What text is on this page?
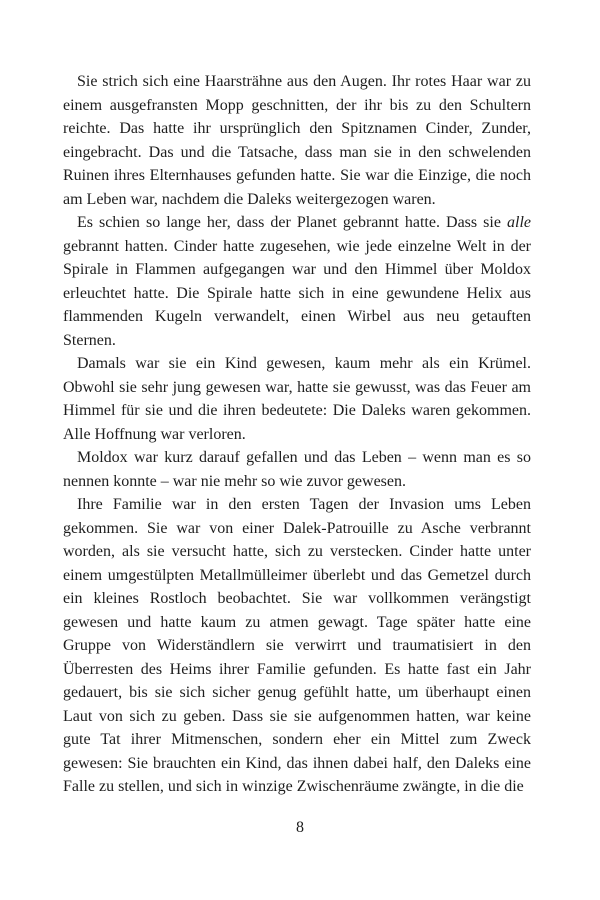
Sie strich sich eine Haarsträhne aus den Augen. Ihr rotes Haar war zu einem ausgefransten Mopp geschnitten, der ihr bis zu den Schultern reichte. Das hatte ihr ursprünglich den Spitznamen Cinder, Zunder, eingebracht. Das und die Tatsache, dass man sie in den schwelenden Ruinen ihres Elternhauses gefunden hatte. Sie war die Einzige, die noch am Leben war, nachdem die Daleks weitergezogen waren.

Es schien so lange her, dass der Planet gebrannt hatte. Dass sie alle gebrannt hatten. Cinder hatte zugesehen, wie jede einzelne Welt in der Spirale in Flammen aufgegangen war und den Himmel über Moldox erleuchtet hatte. Die Spirale hatte sich in eine gewundene Helix aus flammenden Kugeln verwandelt, einen Wirbel aus neu getauften Sternen.

Damals war sie ein Kind gewesen, kaum mehr als ein Krümel. Obwohl sie sehr jung gewesen war, hatte sie gewusst, was das Feuer am Himmel für sie und die ihren bedeutete: Die Daleks waren gekommen. Alle Hoffnung war verloren.

Moldox war kurz darauf gefallen und das Leben – wenn man es so nennen konnte – war nie mehr so wie zuvor gewesen.

Ihre Familie war in den ersten Tagen der Invasion ums Leben gekommen. Sie war von einer Dalek-Patrouille zu Asche verbrannt worden, als sie versucht hatte, sich zu verstecken. Cinder hatte unter einem umgestülpten Metallmülleimer überlebt und das Gemetzel durch ein kleines Rostloch beobachtet. Sie war vollkommen verängstigt gewesen und hatte kaum zu atmen gewagt. Tage später hatte eine Gruppe von Widerständlern sie verwirrt und traumatisiert in den Überresten des Heims ihrer Familie gefunden. Es hatte fast ein Jahr gedauert, bis sie sich sicher genug gefühlt hatte, um überhaupt einen Laut von sich zu geben. Dass sie sie aufgenommen hatten, war keine gute Tat ihrer Mitmenschen, sondern eher ein Mittel zum Zweck gewesen: Sie brauchten ein Kind, das ihnen dabei half, den Daleks eine Falle zu stellen, und sich in winzige Zwischenräume zwängte, in die die

8
